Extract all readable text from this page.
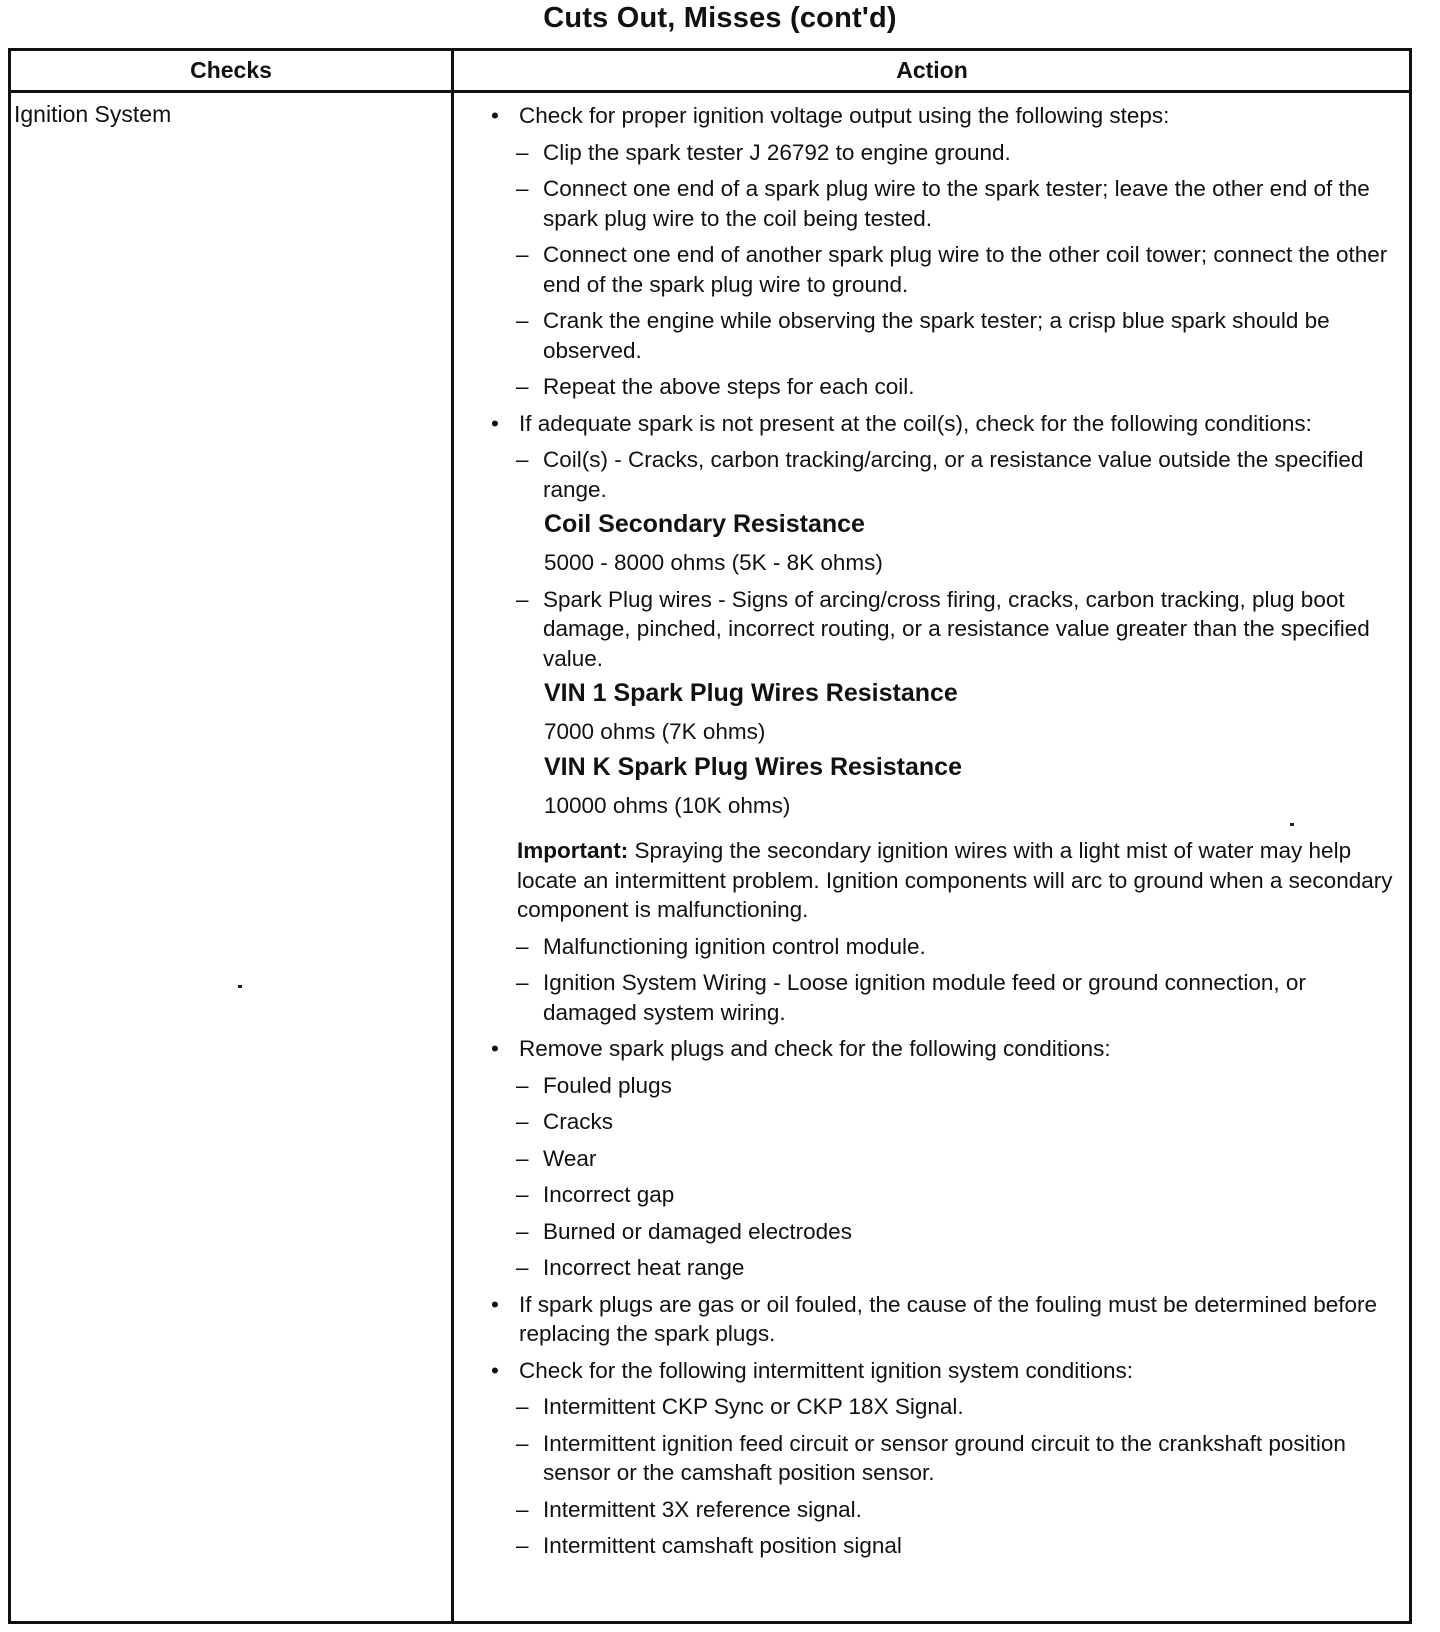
Cuts Out, Misses (cont'd)
Checks	Action
Ignition System

•	Check for proper ignition voltage output using the following steps:

– Clip the spark tester J 26792 to engine ground.

– Connect one end of a spark plug wire to the spark tester; leave the other end of the spark plug wire to the coil being tested.

– Connect one end of another spark plug wire to the other coil tower; connect the other end of the spark plug wire to ground.

– Crank the engine while observing the spark tester; a crisp blue spark should be observed.

– Repeat the above steps for each coil.

• If adequate spark is not present at the coil(s), check for the following conditions:

– Coil(s) - Cracks, carbon tracking/arcing, or a resistance value outside the specified range.

Coil Secondary Resistance

5000 - 8000 ohms (5K - 8K ohms)

– Spark Plug wires - Signs of arcing/cross firing, cracks, carbon tracking, plug boot damage, pinched, incorrect routing, or a resistance value greater than the specified value.

VIN 1 Spark Plug Wires Resistance

7000 ohms (7K ohms)

VIN K Spark Plug Wires Resistance

10000 ohms (10K ohms)

Important: Spraying the secondary ignition wires with a light mist of water may help locate an intermittent problem. Ignition components will arc to ground when a secondary component is malfunctioning.

– Malfunctioning ignition control module.

– Ignition System Wiring - Loose ignition module feed or ground connection, or damaged system wiring.

• Remove spark plugs and check for the following conditions:

– Fouled plugs

– Cracks

– Wear

– Incorrect gap

– Burned or damaged electrodes

– Incorrect heat range

• If spark plugs are gas or oil fouled, the cause of the fouling must be determined before replacing the spark plugs.

• Check for the following intermittent ignition system conditions:

– Intermittent CKP Sync or CKP 18X Signal.

– Intermittent ignition feed circuit or sensor ground circuit to the crankshaft position sensor or the camshaft position sensor.

– Intermittent 3X reference signal.

– Intermittent camshaft position signal
